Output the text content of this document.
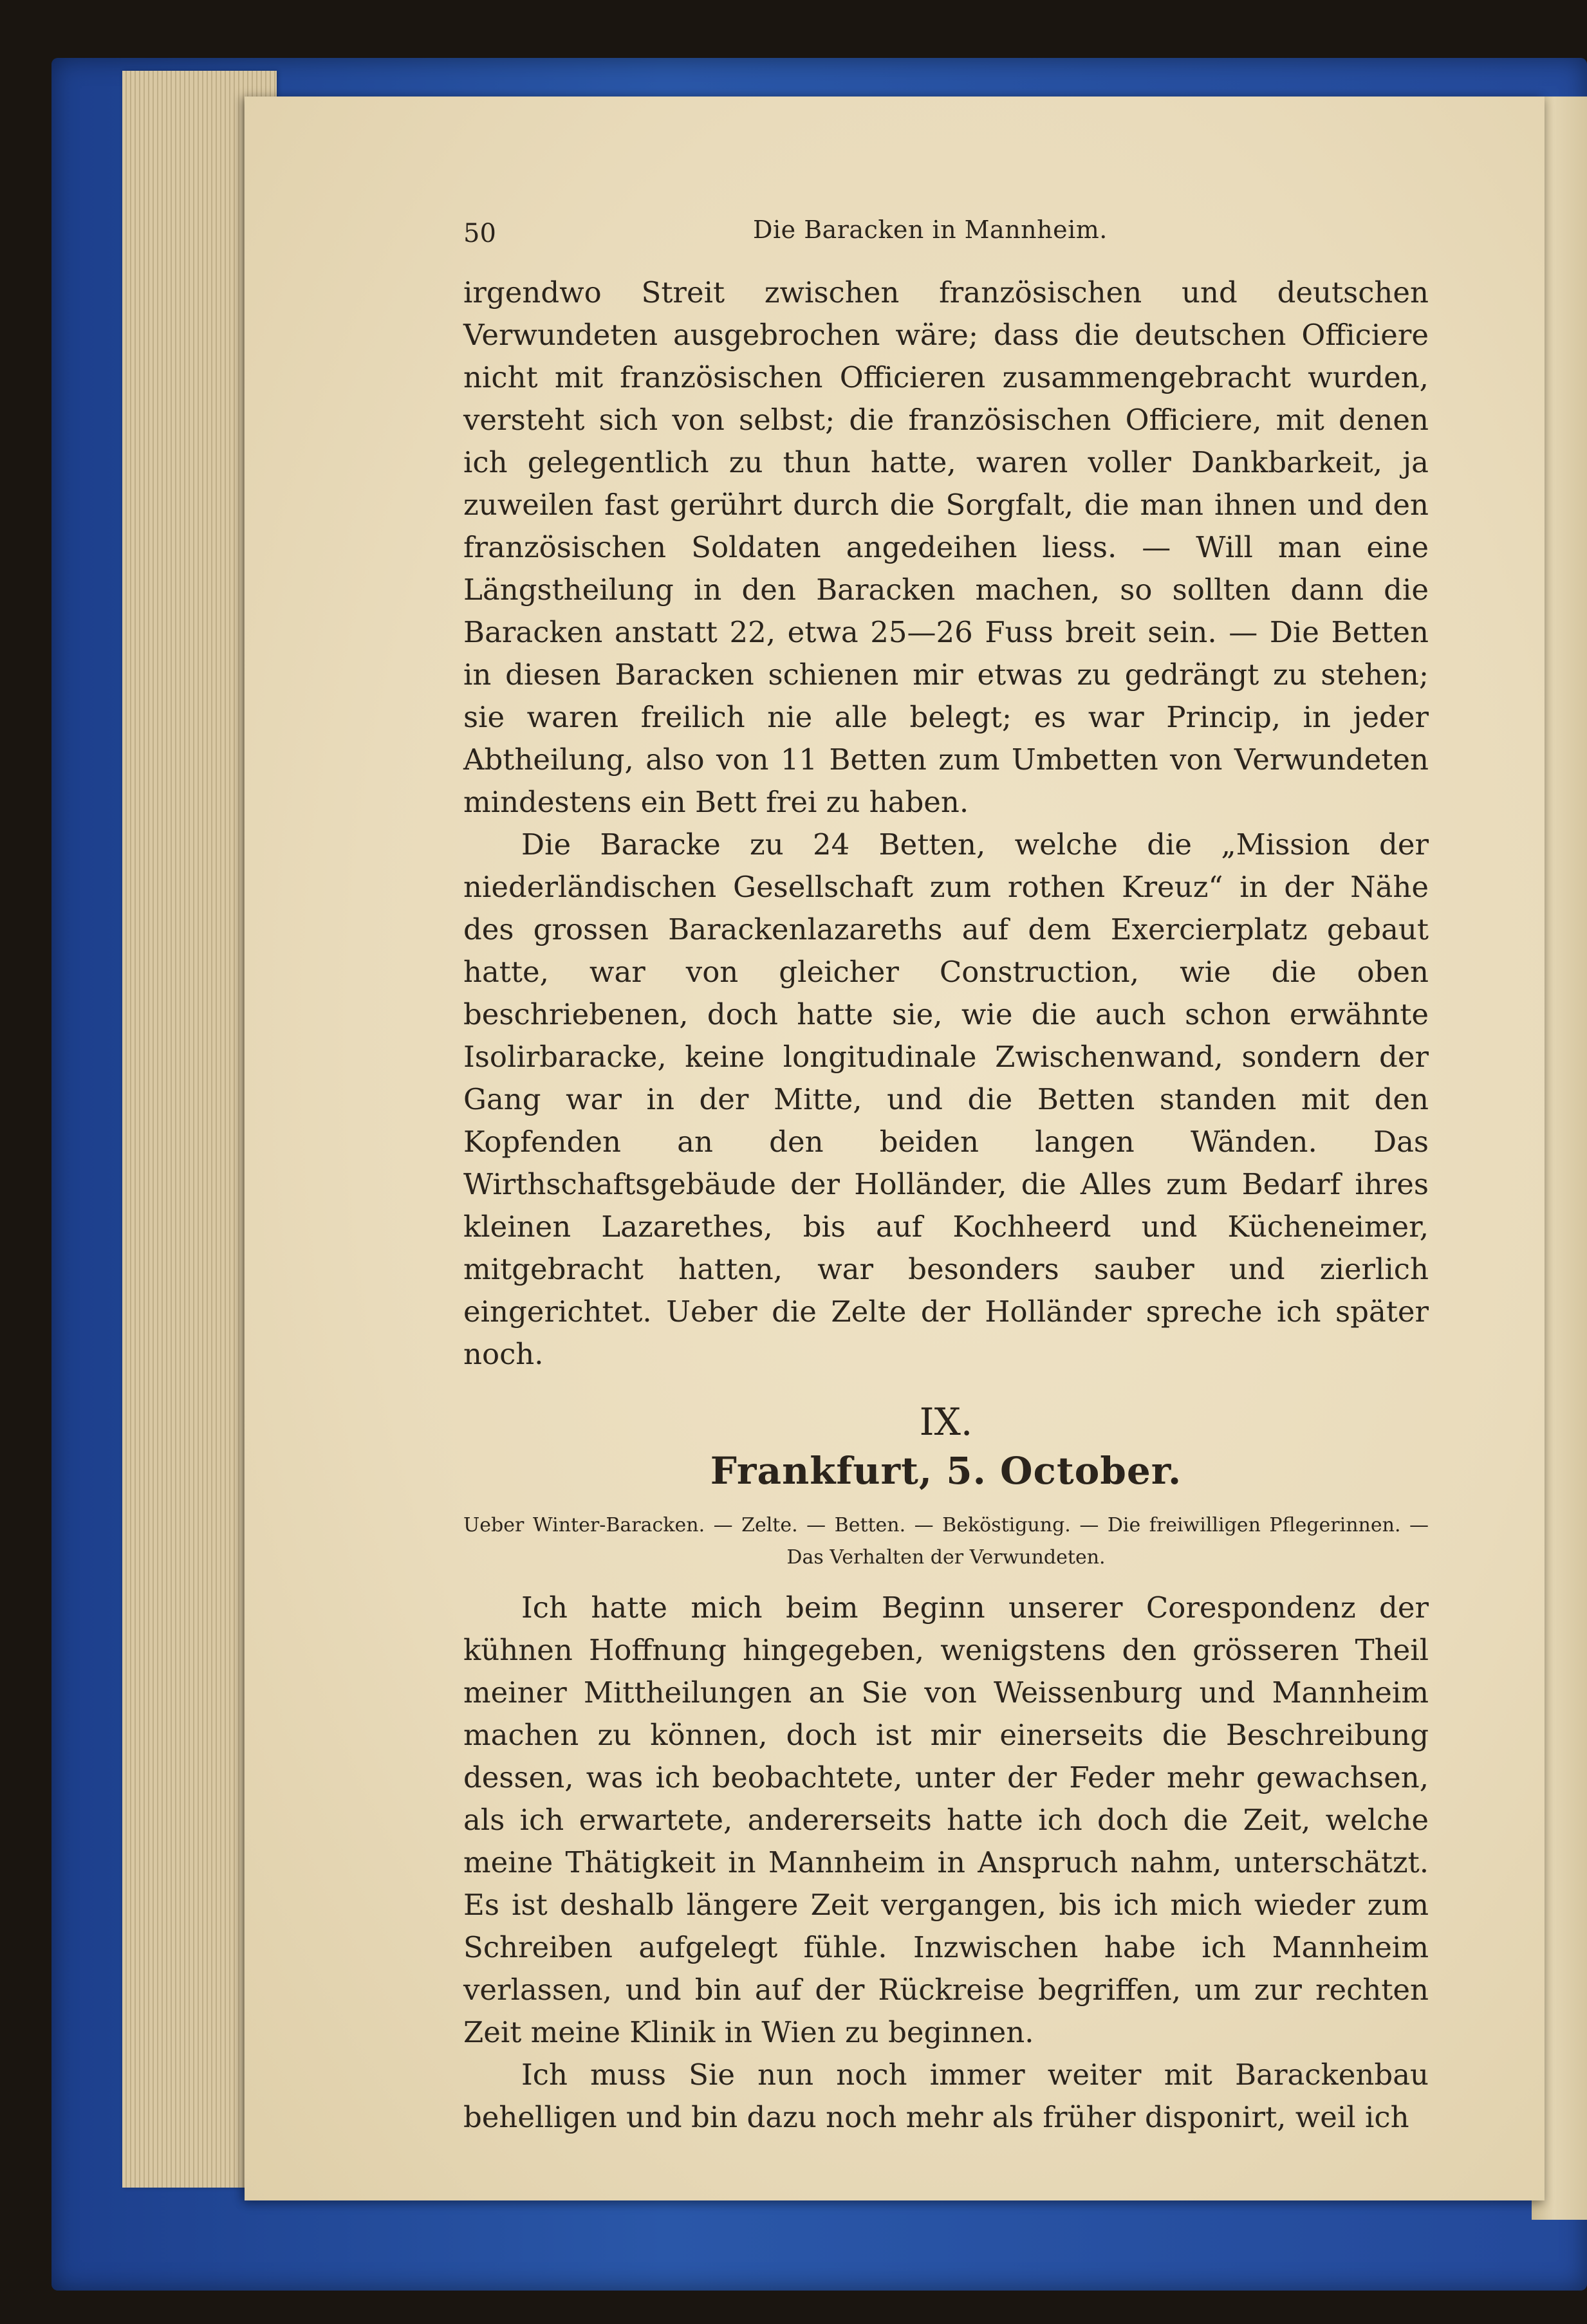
50	Die Baracken in Mannheim.

irgendwo Streit zwischen französischen und deutschen Verwundeten ausgebrochen wäre; dass die deutschen Officiere nicht mit französischen Officieren zusammengebracht wurden, versteht sich von selbst; die französischen Officiere, mit denen ich gelegentlich zu thun hatte, waren voller Dankbarkeit, ja zuweilen fast gerührt durch die Sorgfalt, die man ihnen und den französischen Soldaten angedeihen liess. — Will man eine Längstheilung in den Baracken machen, so sollten dann die Baracken anstatt 22, etwa 25—26 Fuss breit sein. — Die Betten in diesen Baracken schienen mir etwas zu gedrängt zu stehen; sie waren freilich nie alle belegt; es war Princip, in jeder Abtheilung, also von 11 Betten zum Umbetten von Verwundeten mindestens ein Bett frei zu haben.

Die Baracke zu 24 Betten, welche die „Mission der niederländischen Gesellschaft zum rothen Kreuz“ in der Nähe des grossen Barackenlazareths auf dem Exercierplatz gebaut hatte, war von gleicher Construction, wie die oben beschriebenen, doch hatte sie, wie die auch schon erwähnte Isolirbaracke, keine longitudinale Zwischenwand, sondern der Gang war in der Mitte, und die Betten standen mit den Kopfenden an den beiden langen Wänden. Das Wirthschaftsgebäude der Holländer, die Alles zum Bedarf ihres kleinen Lazarethes, bis auf Kochheerd und Kücheneimer, mitgebracht hatten, war besonders sauber und zierlich eingerichtet. Ueber die Zelte der Holländer spreche ich später noch.

IX.
Frankfurt, 5. October.

Ueber Winter-Baracken. — Zelte. — Betten. — Beköstigung. — Die freiwilligen Pflegerinnen. — Das Verhalten der Verwundeten.

Ich hatte mich beim Beginn unserer Corespondenz der kühnen Hoffnung hingegeben, wenigstens den grösseren Theil meiner Mittheilungen an Sie von Weissenburg und Mannheim machen zu können, doch ist mir einerseits die Beschreibung dessen, was ich beobachtete, unter der Feder mehr gewachsen, als ich erwartete, andererseits hatte ich doch die Zeit, welche meine Thätigkeit in Mannheim in Anspruch nahm, unterschätzt. Es ist deshalb längere Zeit vergangen, bis ich mich wieder zum Schreiben aufgelegt fühle. Inzwischen habe ich Mannheim verlassen, und bin auf der Rückreise begriffen, um zur rechten Zeit meine Klinik in Wien zu beginnen.

Ich muss Sie nun noch immer weiter mit Barackenbau behelligen und bin dazu noch mehr als früher disponirt, weil ich
